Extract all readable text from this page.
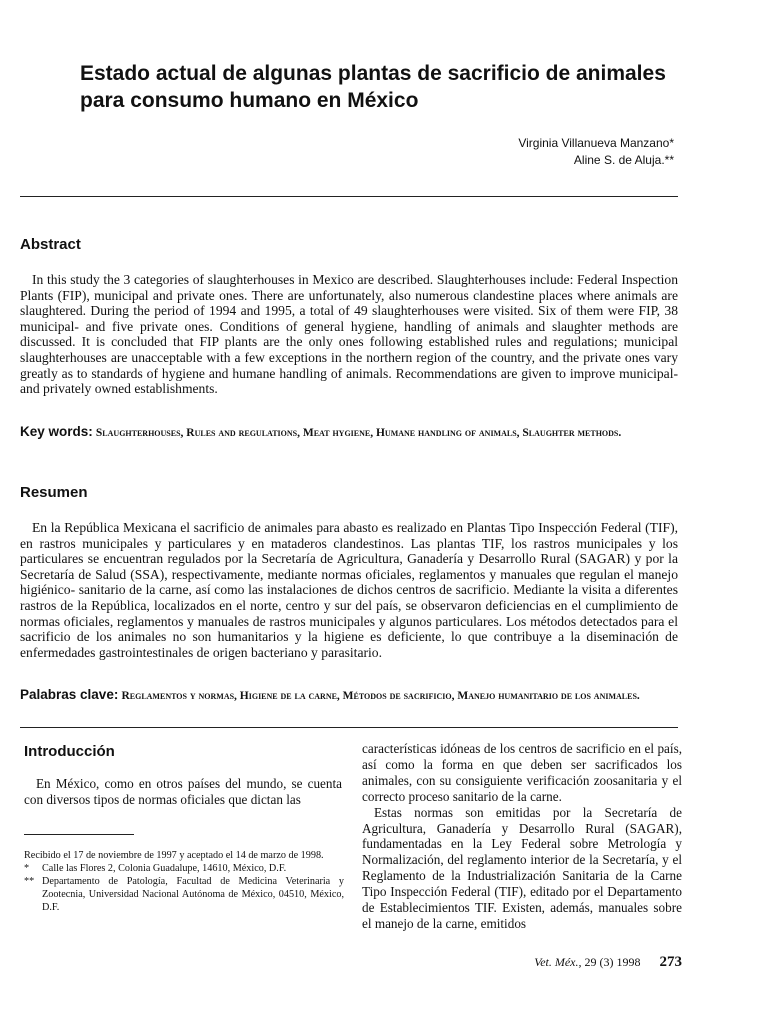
Estado actual de algunas plantas de sacrificio de animales para consumo humano en México
Virginia Villanueva Manzano*
Aline S. de Aluja.**
Abstract

In this study the 3 categories of slaughterhouses in Mexico are described. Slaughterhouses include: Federal Inspection Plants (FIP), municipal and private ones. There are unfortunately, also numerous clandestine places where animals are slaughtered. During the period of 1994 and 1995, a total of 49 slaughterhouses were visited. Six of them were FIP, 38 municipal- and five private ones. Conditions of general hygiene, handling of animals and slaughter methods are discussed. It is concluded that FIP plants are the only ones following established rules and regulations; municipal slaughterhouses are unacceptable with a few exceptions in the northern region of the country, and the private ones vary greatly as to standards of hygiene and humane handling of animals. Recommendations are given to improve municipal- and privately owned establishments.

Key words: Slaughterhouses, Rules and regulations, Meat hygiene, Humane handling of animals, Slaughter methods.

Resumen

En la República Mexicana el sacrificio de animales para abasto es realizado en Plantas Tipo Inspección Federal (TIF), en rastros municipales y particulares y en mataderos clandestinos. Las plantas TIF, los rastros municipales y los particulares se encuentran regulados por la Secretaría de Agricultura, Ganadería y Desarrollo Rural (SAGAR) y por la Secretaría de Salud (SSA), respectivamente, mediante normas oficiales, reglamentos y manuales que regulan el manejo higiénico- sanitario de la carne, así como las instalaciones de dichos centros de sacrificio. Mediante la visita a diferentes rastros de la República, localizados en el norte, centro y sur del país, se observaron deficiencias en el cumplimiento de normas oficiales, reglamentos y manuales de rastros municipales y algunos particulares. Los métodos detectados para el sacrificio de los animales no son humanitarios y la higiene es deficiente, lo que contribuye a la diseminación de enfermedades gastrointestinales de origen bacteriano y parasitario.

Palabras clave: Reglamentos y normas, Higiene de la carne, Métodos de sacrificio, Manejo humanitario de los animales.

Introducción

En México, como en otros países del mundo, se cuenta con diversos tipos de normas oficiales que dictan las

características idóneas de los centros de sacrificio en el país, así como la forma en que deben ser sacrificados los animales, con su consiguiente verificación zoosanitaria y el correcto proceso sanitario de la carne.

Estas normas son emitidas por la Secretaría de Agricultura, Ganadería y Desarrollo Rural (SAGAR), fundamentadas en la Ley Federal sobre Metrología y Normalización, del reglamento interior de la Secretaría, y el Reglamento de la Industrialización Sanitaria de la Carne Tipo Inspección Federal (TIF), editado por el Departamento de Establecimientos TIF. Existen, además, manuales sobre el manejo de la carne, emitidos

Recibido el 17 de noviembre de 1997 y aceptado el 14 de marzo de 1998.
*	Calle las Flores 2, Colonia Guadalupe, 14610, México, D.F.
** Departamento de Patología, Facultad de Medicina Veterinaria y Zootecnia, Universidad Nacional Autónoma de México, 04510, México, D.F.
Vet. Méx., 29 (3) 1998 273
